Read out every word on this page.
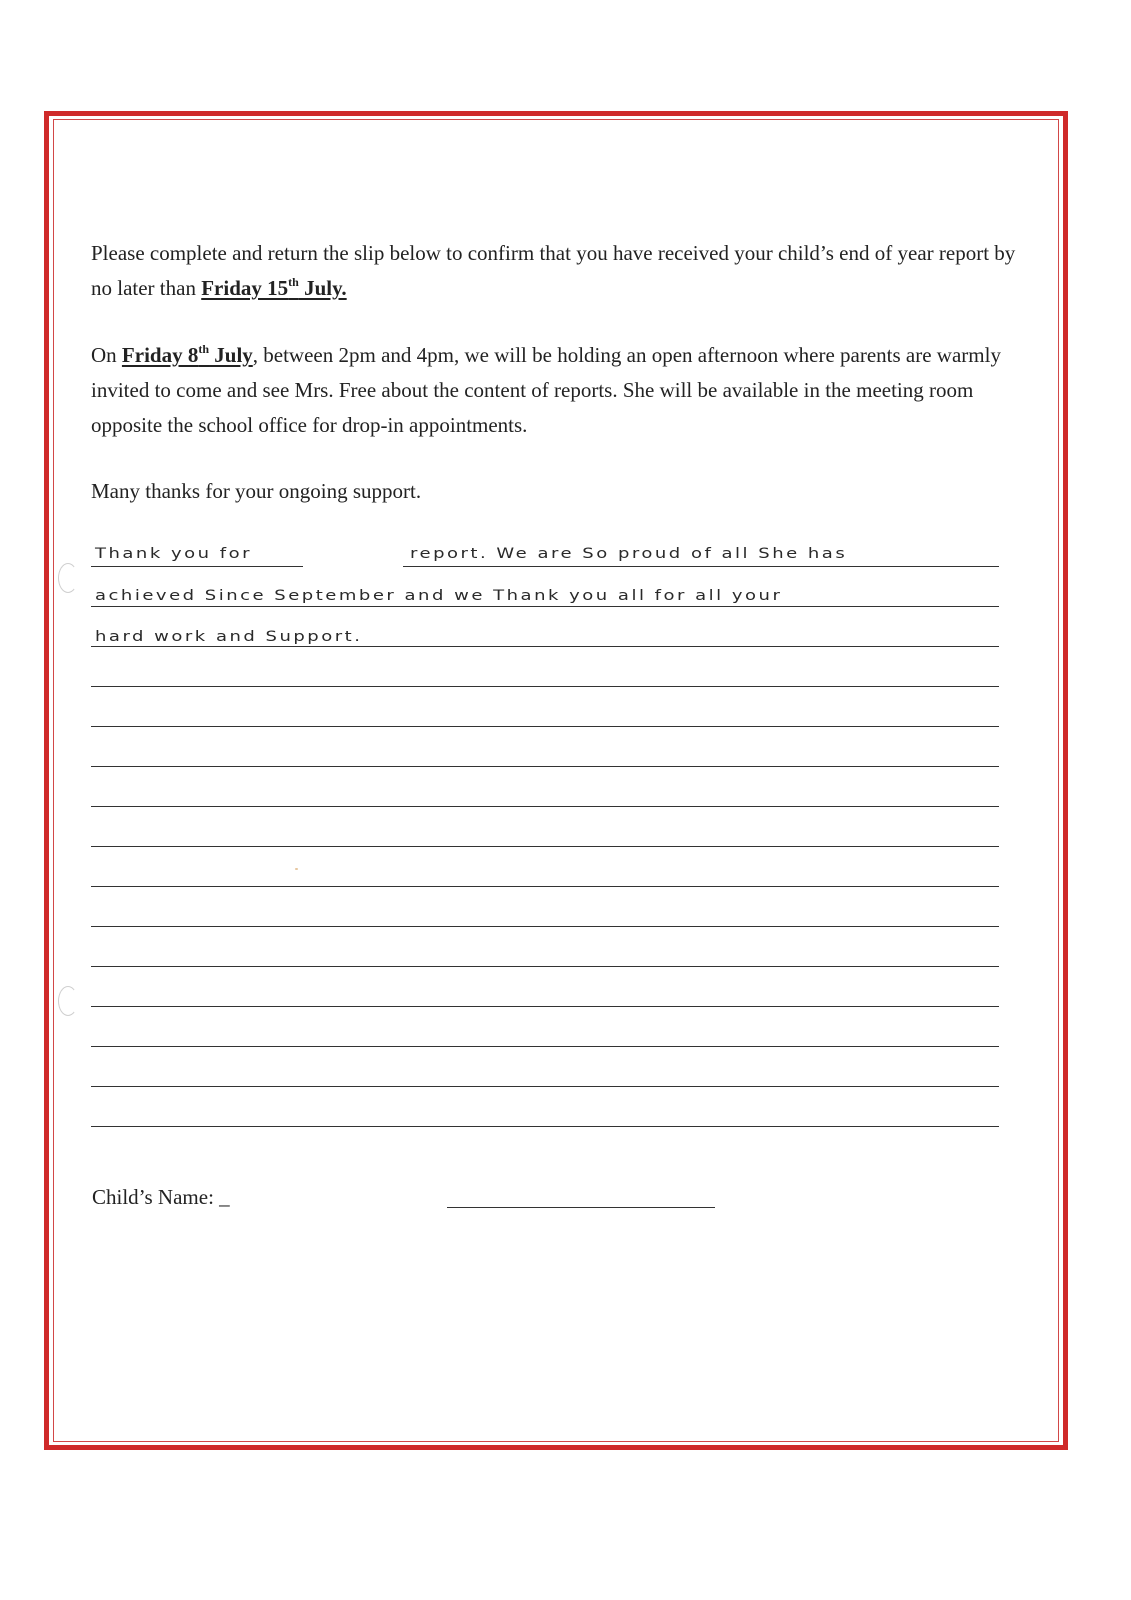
Please complete and return the slip below to confirm that you have received your child’s end of year report by no later than Friday 15th July.

On Friday 8th July, between 2pm and 4pm, we will be holding an open afternoon where parents are warmly invited to come and see Mrs. Free about the content of reports. She will be available in the meeting room opposite the school office for drop-in appointments.

Many thanks for your ongoing support.

Thank you for	report. We are So proud of all She has
achieved Since September and we Thank you all for all your
hard work and Support.
Child’s Name: _
